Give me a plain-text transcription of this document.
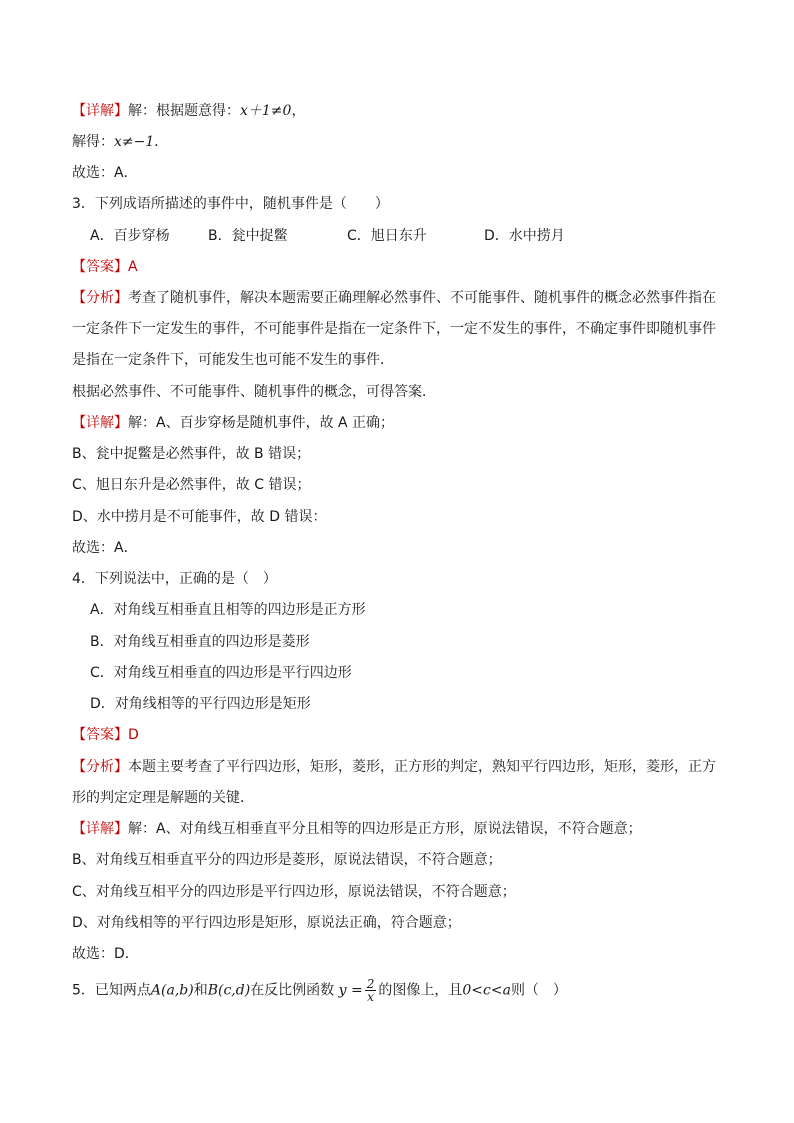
【详解】解：根据题意得：x＋1≠0，
解得：x≠−1．
故选：A．
3．下列成语所描述的事件中，随机事件是（　　）
A．百步穿杨	B．瓮中捉鳖	C．旭日东升	D．水中捞月
【答案】A
【分析】考查了随机事件，解决本题需要正确理解必然事件、不可能事件、随机事件的概念必然事件指在
一定条件下一定发生的事件，不可能事件是指在一定条件下，一定不发生的事件，不确定事件即随机事件
是指在一定条件下，可能发生也可能不发生的事件．
根据必然事件、不可能事件、随机事件的概念，可得答案．
【详解】解：A、百步穿杨是随机事件，故 A 正确；
B、瓮中捉鳖是必然事件，故 B 错误；
C、旭日东升是必然事件，故 C 错误；
D、水中捞月是不可能事件，故 D 错误：
故选：A．
4．下列说法中，正确的是（　）
A．对角线互相垂直且相等的四边形是正方形
B．对角线互相垂直的四边形是菱形
C．对角线互相垂直的四边形是平行四边形
D．对角线相等的平行四边形是矩形
【答案】D
【分析】本题主要考查了平行四边形，矩形，菱形，正方形的判定，熟知平行四边形，矩形，菱形，正方
形的判定定理是解题的关键．
【详解】解：A、对角线互相垂直平分且相等的四边形是正方形，原说法错误，不符合题意；
B、对角线互相垂直平分的四边形是菱形，原说法错误，不符合题意；
C、对角线互相平分的四边形是平行四边形，原说法错误，不符合题意；
D、对角线相等的平行四边形是矩形，原说法正确，符合题意；
故选：D．
5．已知两点A(a,b)和B(c,d)在反比例函数 $y = \frac{2}{x}$ 的图像上，且0<c<a则（　）
